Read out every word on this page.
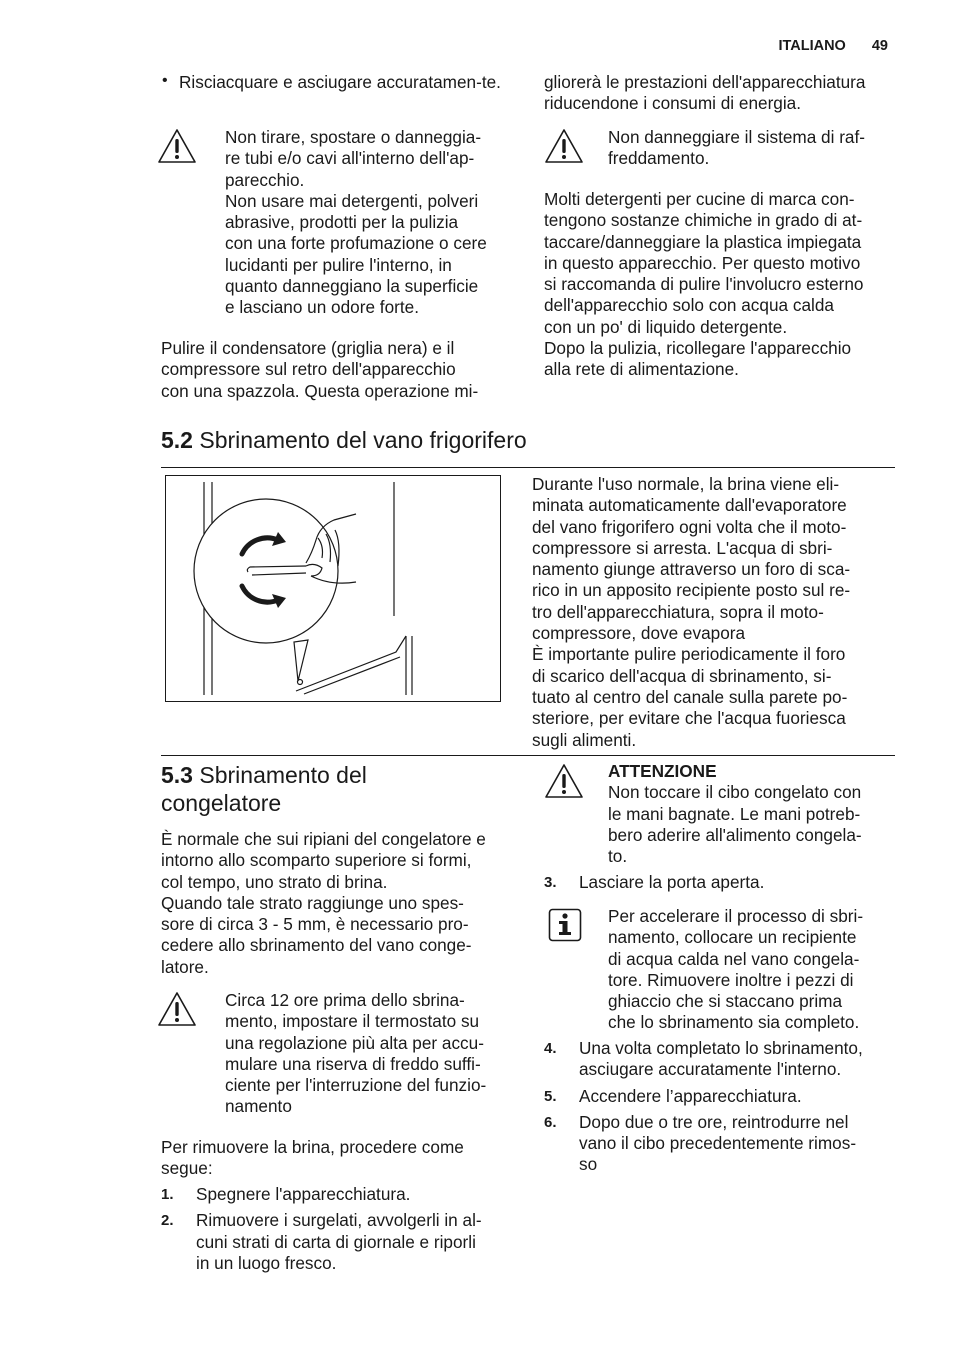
ITALIANO 49
• Risciacquare e asciugare accuratamen-te.

Non tirare, spostare o danneggia-
re tubi e/o cavi all'interno dell'ap-
parecchio.
Non usare mai detergenti, polveri
abrasive, prodotti per la pulizia
con una forte profumazione o cere
lucidanti per pulire l'interno, in
quanto danneggiano la superficie
e lasciano un odore forte.

Pulire il condensatore (griglia nera) e il
compressore sul retro dell'apparecchio
con una spazzola. Questa operazione mi-

gliorerà le prestazioni dell'apparecchiatura
riducendone i consumi di energia.

Non danneggiare il sistema di raf-
freddamento.

Molti detergenti per cucine di marca con-
tengono sostanze chimiche in grado di at-
taccare/danneggiare la plastica impiegata
in questo apparecchio. Per questo motivo
si raccomanda di pulire l'involucro esterno
dell'apparecchio solo con acqua calda
con un po' di liquido detergente.
Dopo la pulizia, ricollegare l'apparecchio
alla rete di alimentazione.

5.2 Sbrinamento del vano frigorifero

Durante l'uso normale, la brina viene eli-
minata automaticamente dall'evaporatore
del vano frigorifero ogni volta che il moto-
compressore si arresta. L'acqua di sbri-
namento giunge attraverso un foro di sca-
rico in un apposito recipiente posto sul re-
tro dell'apparecchiatura, sopra il moto-
compressore, dove evapora
È importante pulire periodicamente il foro
di scarico dell'acqua di sbrinamento, si-
tuato al centro del canale sulla parete po-
steriore, per evitare che l'acqua fuoriesca
sugli alimenti.

5.3 Sbrinamento del
congelatore

È normale che sui ripiani del congelatore e
intorno allo scomparto superiore si formi,
col tempo, uno strato di brina.
Quando tale strato raggiunge uno spes-
sore di circa 3 - 5 mm, è necessario pro-
cedere allo sbrinamento del vano conge-
latore.

Circa 12 ore prima dello sbrina-
mento, impostare il termostato su
una regolazione più alta per accu-
mulare una riserva di freddo suffi-
ciente per l'interruzione del funzio-
namento

Per rimuovere la brina, procedere come
segue:

1. Spegnere l'apparecchiatura.
2. Rimuovere i surgelati, avvolgerli in al-
cuni strati di carta di giornale e riporli
in un luogo fresco.

ATTENZIONE

Non toccare il cibo congelato con
le mani bagnate. Le mani potreb-
bero aderire all'alimento congela-
to.

3. Lasciare la porta aperta.

Per accelerare il processo di sbri-
namento, collocare un recipiente
di acqua calda nel vano congela-
tore. Rimuovere inoltre i pezzi di
ghiaccio che si staccano prima
che lo sbrinamento sia completo.

4. Una volta completato lo sbrinamento,
asciugare accuratamente l'interno.
5. Accendere l’apparecchiatura.
6. Dopo due o tre ore, reintrodurre nel
vano il cibo precedentemente rimos-
so
